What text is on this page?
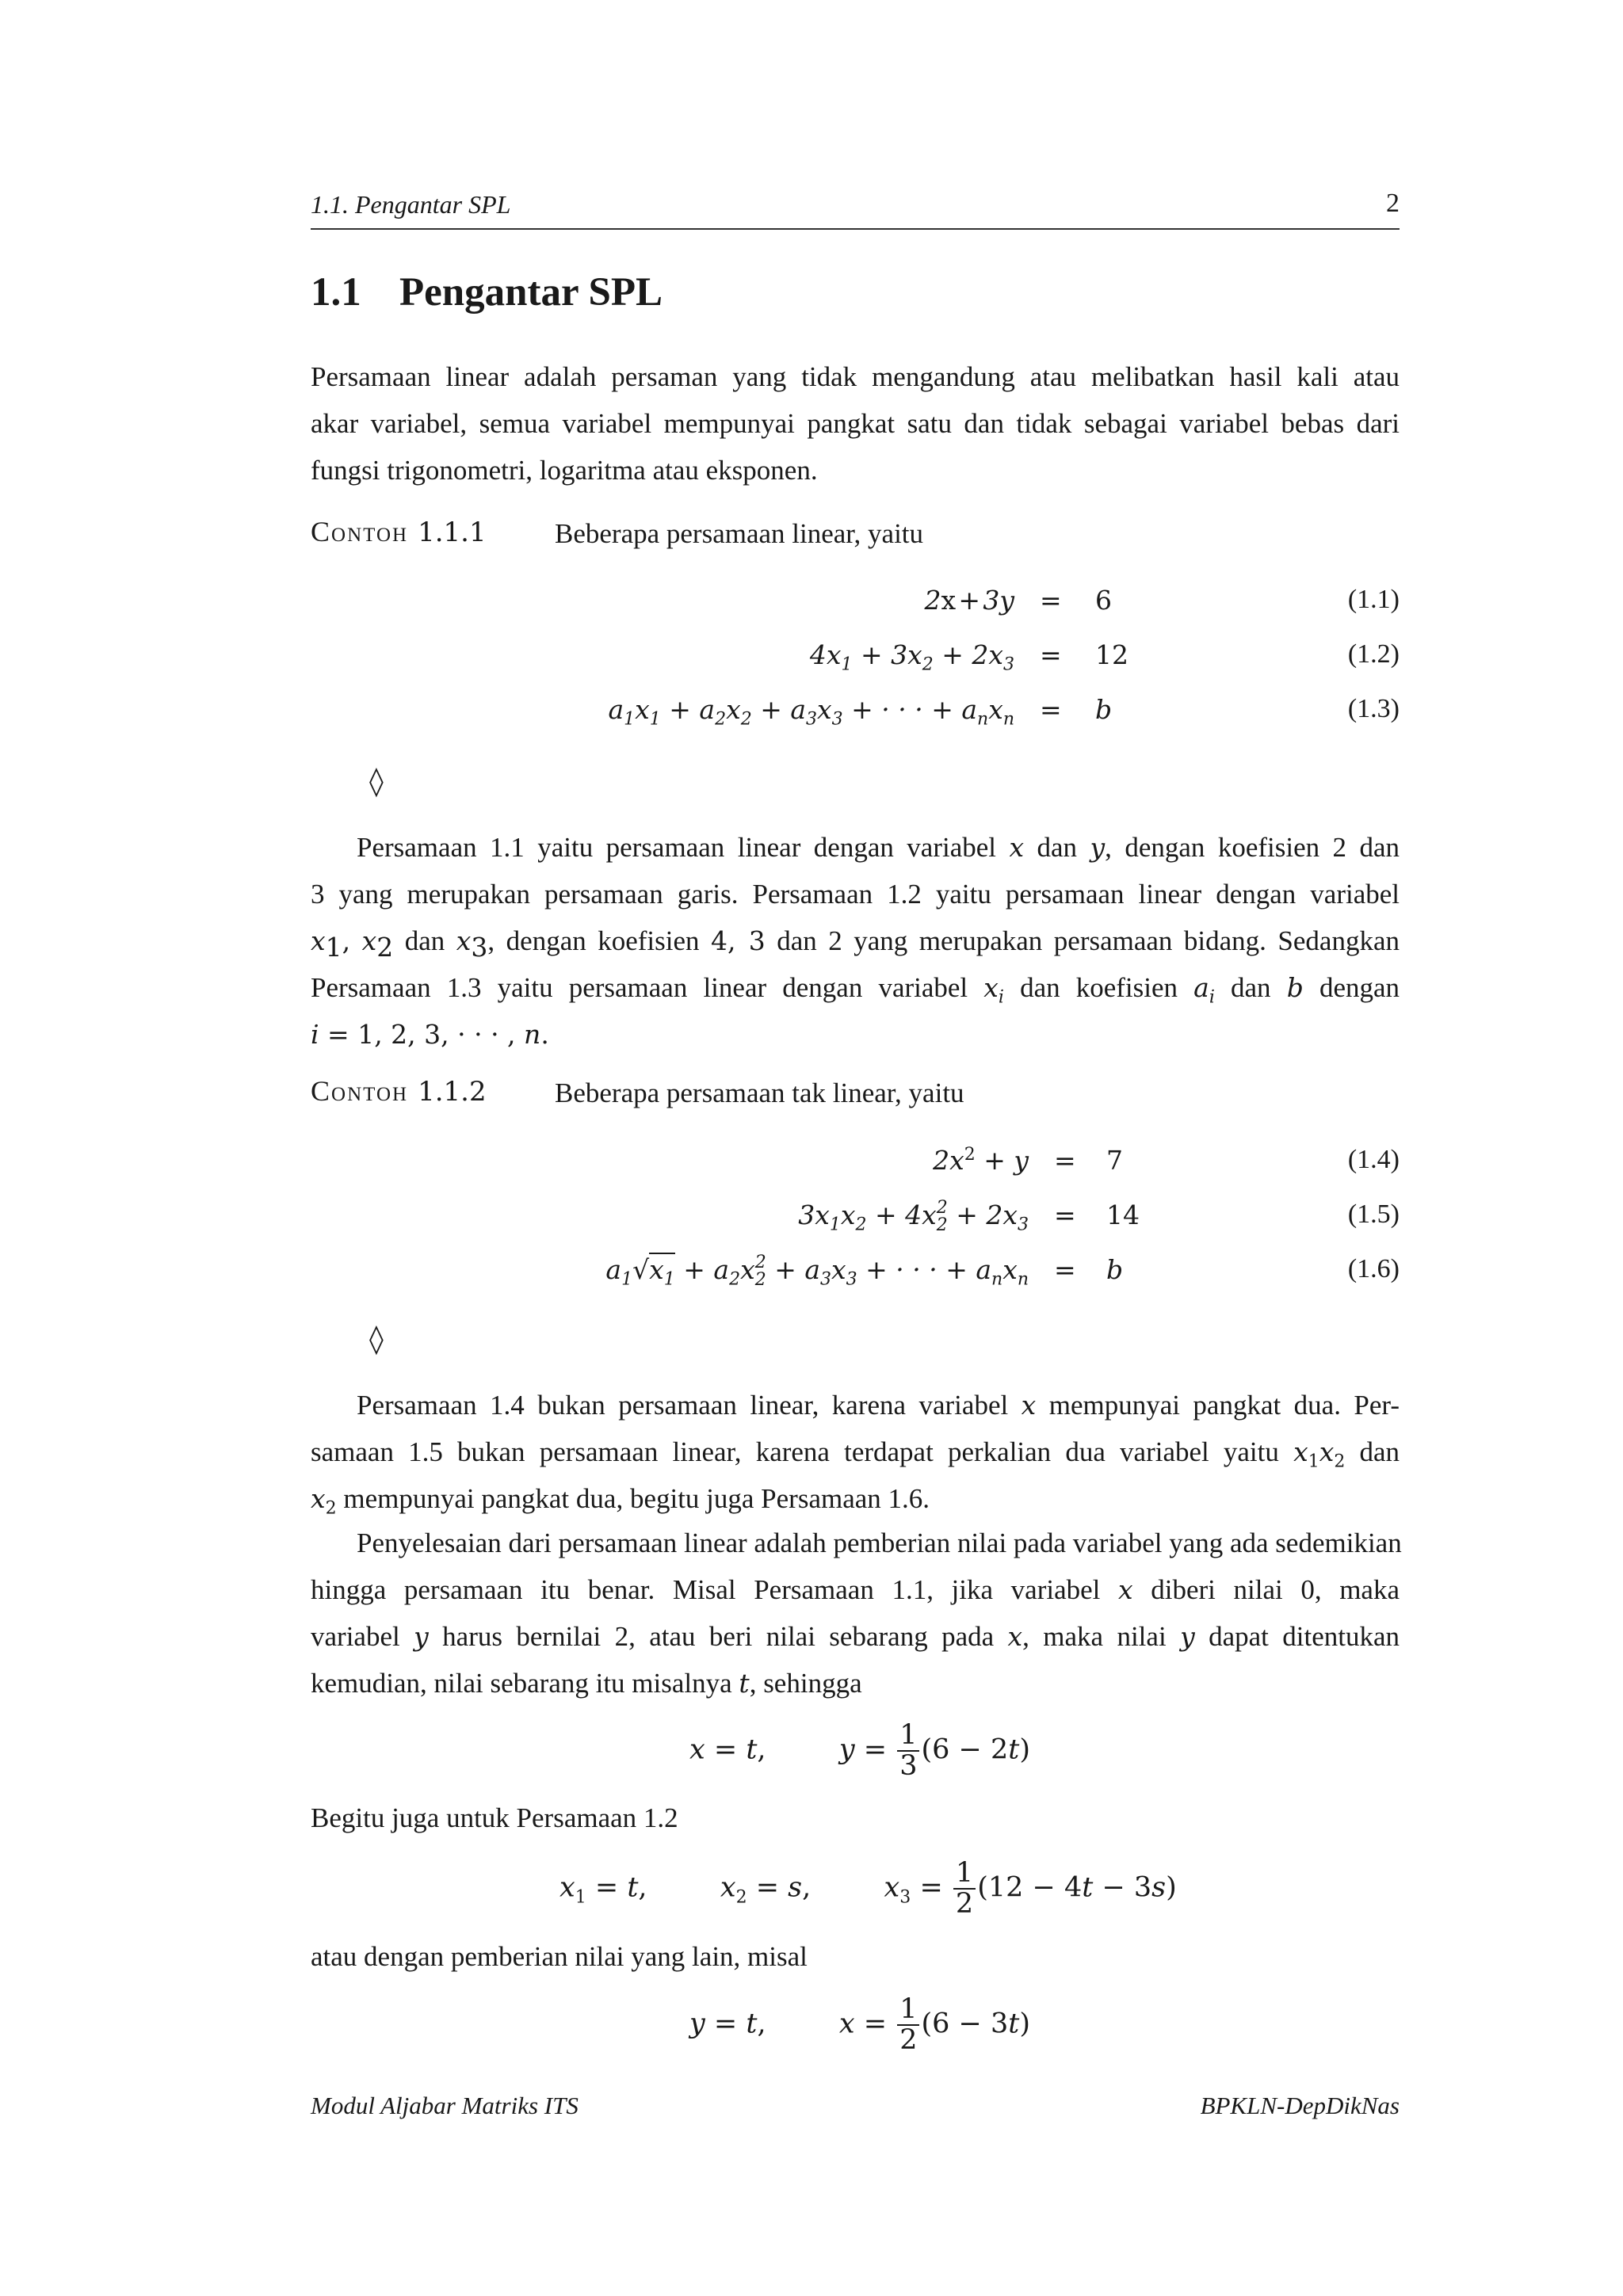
1.1. Pengantar SPL	2
1.1 Pengantar SPL
Persamaan linear adalah persaman yang tidak mengandung atau melibatkan hasil kali atau
akar variabel, semua variabel mempunyai pangkat satu dan tidak sebagai variabel bebas dari
fungsi trigonometri, logaritma atau eksponen.
Contoh 1.1.1 Beberapa persamaan linear, yaitu
2x + 3y = 6	(1.1)
$4x_1 + 3x_2 + 2x_3 = 12$	(1.2)
$a_1x_1 + a_2x_2 + a_3x_3$ + · · · + $a_nx_n = b$	(1.3)
◊
Persamaan 1.1 yaitu persamaan linear dengan variabel x dan y, dengan koefisien 2 dan
3 yang merupakan persamaan garis. Persamaan 1.2 yaitu persamaan linear dengan variabel
$x_1$, $x_2$ dan $x_3$, dengan koefisien 4, 3 dan 2 yang merupakan persamaan bidang. Sedangkan
Persamaan 1.3 yaitu persamaan linear dengan variabel $x_i$ dan koefisien $a_i$ dan b dengan
i = 1, 2, 3, · · · , n.
Contoh 1.1.2 Beberapa persamaan tak linear, yaitu
$2x^2 + y = 7$	(1.4)
$3x_1x_2 + 4x$ $_{2 2} + 2x_3 = 14$	(1.5)
$a_1√x_1 + a_2x$ $_{2 2} + a_3x_3$ + · · · + $a_nx_n = b$	(1.6)
◊
Persamaan 1.4 bukan persamaan linear, karena variabel x mempunyai pangkat dua. Per-
samaan 1.5 bukan persamaan linear, karena terdapat perkalian dua variabel yaitu $x_1x_2$ dan
$x_2$ mempunyai pangkat dua, begitu juga Persamaan 1.6.
Penyelesaian dari persamaan linear adalah pemberian nilai pada variabel yang ada sedemikian
hingga persamaan itu benar. Misal Persamaan 1.1, jika variabel x diberi nilai 0, maka
variabel y harus bernilai 2, atau beri nilai sebarang pada x, maka nilai y dapat ditentukan
kemudian, nilai sebarang itu misalnya t, sehingga
x = t,  $y = \frac{1}{3} (6 - 2t)$
Begitu juga untuk Persamaan 1.2
$x_1 = t$,  $x_2 = s$,  $x_3 = \frac{1}{2} (12 - 4t - 3s)$
atau dengan pemberian nilai yang lain, misal
y = t,  $x = \frac{1}{2} (6 - 3t)$
Modul Aljabar Matriks ITS	BPKLN-DepDikNas
